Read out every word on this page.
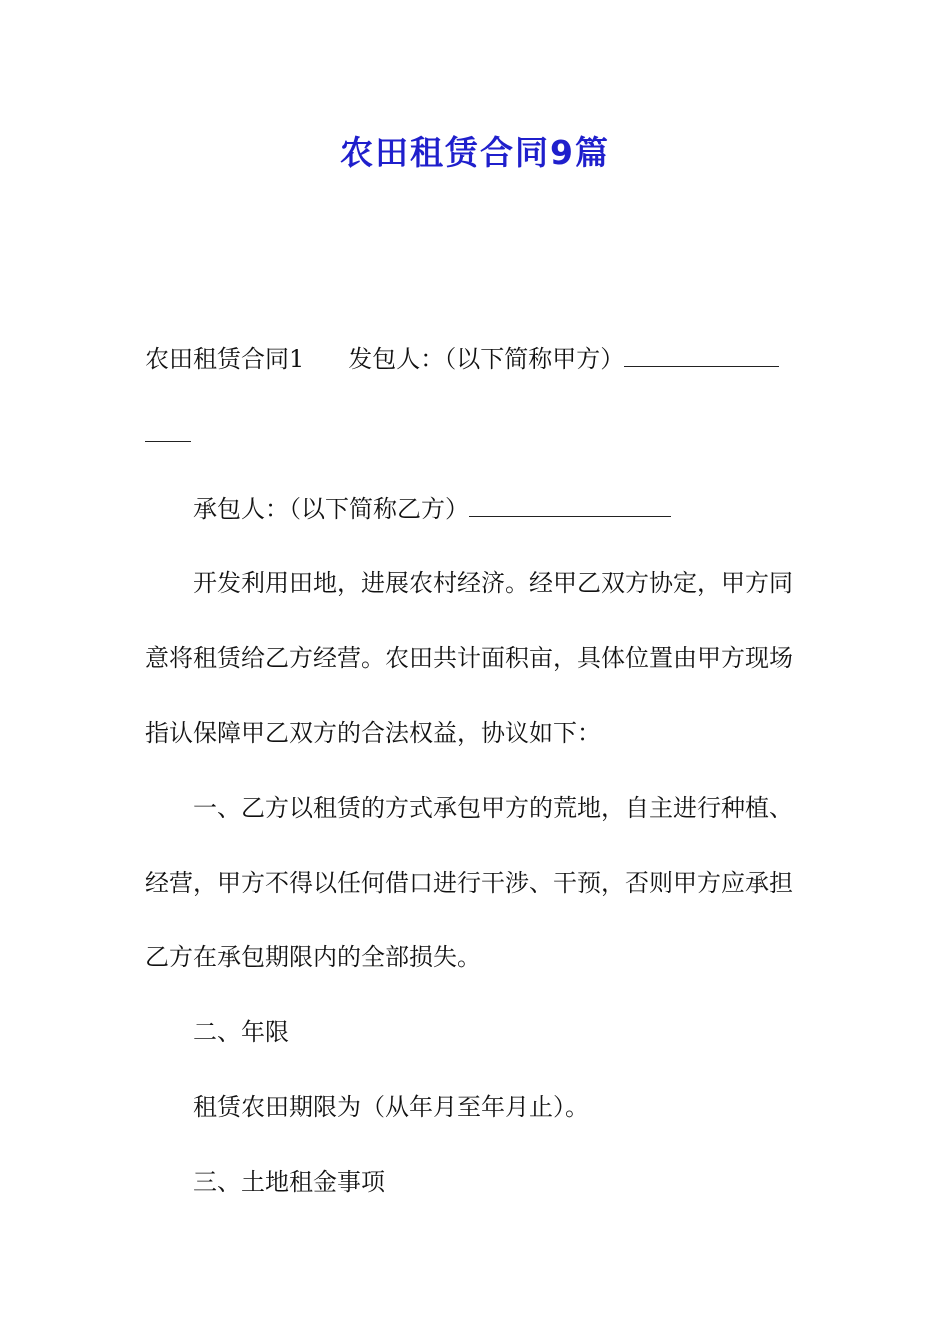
农田租赁合同9篇
农田租赁合同1 发包人：（以下简称甲方）
承包人：（以下简称乙方）
开发利用田地，进展农村经济。经甲乙双方协定，甲方同
意将租赁给乙方经营。农田共计面积亩，具体位置由甲方现场
指认保障甲乙双方的合法权益，协议如下：
一、乙方以租赁的方式承包甲方的荒地，自主进行种植、
经营，甲方不得以任何借口进行干涉、干预，否则甲方应承担
乙方在承包期限内的全部损失。
二、年限
租赁农田期限为（从年月至年月止）。
三、土地租金事项
